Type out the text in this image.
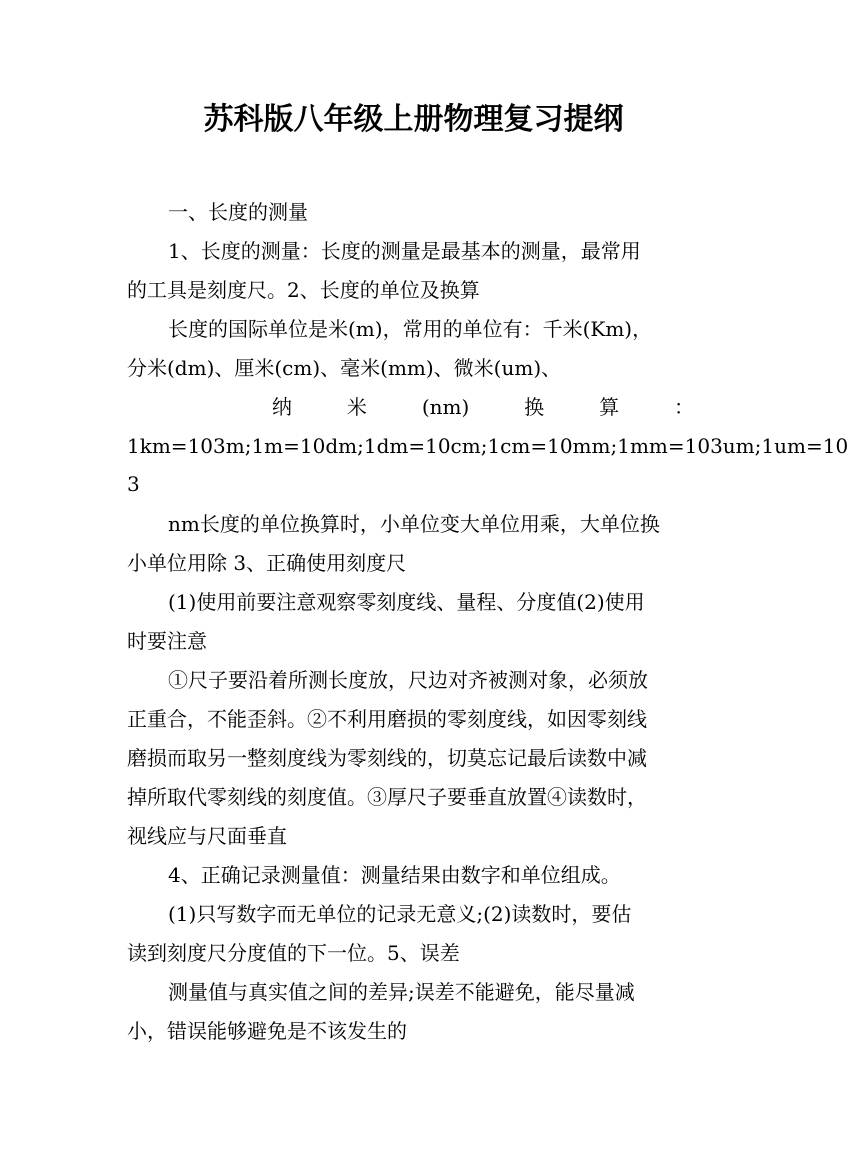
苏科版八年级上册物理复习提纲
一、长度的测量
1、长度的测量：长度的测量是最基本的测量，最常用
的工具是刻度尺。2、长度的单位及换算
长度的国际单位是米(m)，常用的单位有：千米(Km)，
分米(dm)、厘米(cm)、毫米(mm)、微米(um)、
纳	米	(nm)	换	算	：
1km=103m;1m=10dm;1dm=10cm;1cm=10mm;1mm=103um;1um=10
3
nm长度的单位换算时，小单位变大单位用乘，大单位换
小单位用除 3、正确使用刻度尺
(1)使用前要注意观察零刻度线、量程、分度值(2)使用
时要注意
①尺子要沿着所测长度放，尺边对齐被测对象，必须放
正重合，不能歪斜。②不利用磨损的零刻度线，如因零刻线
磨损而取另一整刻度线为零刻线的，切莫忘记最后读数中减
掉所取代零刻线的刻度值。③厚尺子要垂直放置④读数时，
视线应与尺面垂直
4、正确记录测量值：测量结果由数字和单位组成。
(1)只写数字而无单位的记录无意义;(2)读数时，要估
读到刻度尺分度值的下一位。5、误差
测量值与真实值之间的差异;误差不能避免，能尽量减
小，错误能够避免是不该发生的
